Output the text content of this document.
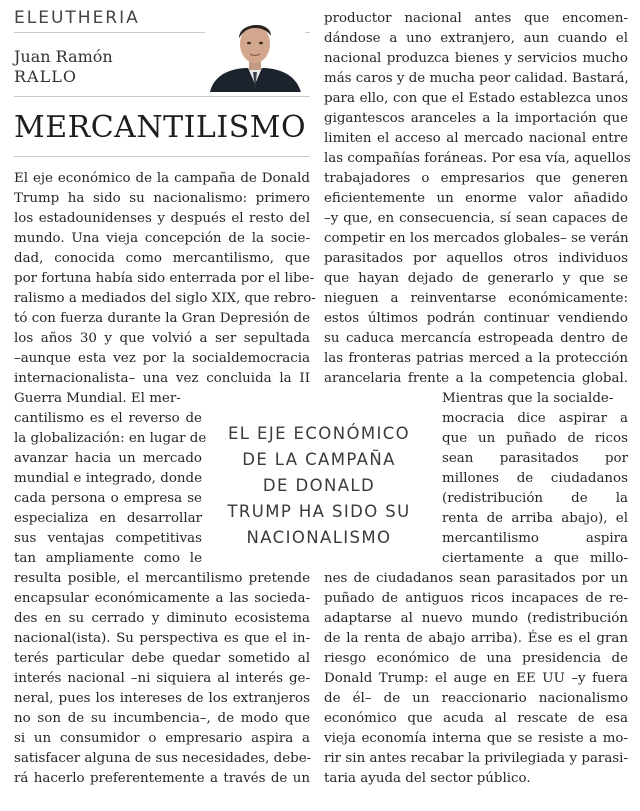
ELEUTHERIA
Juan Ramón
RALLO
MERCANTILISMO
El eje económico de la campaña de Donald
Trump ha sido su nacionalismo: primero
los estadounidenses y después el resto del
mundo. Una vieja concepción de la socie-
dad, conocida como mercantilismo, que
por fortuna había sido enterrada por el libe-
ralismo a mediados del siglo XIX, que rebro-
tó con fuerza durante la Gran Depresión de
los años 30 y que volvió a ser sepultada
–aunque esta vez por la socialdemocracia
internacionalista– una vez concluida la II
Guerra Mundial. El mer-
cantilismo es el reverso de
la globalización: en lugar de
avanzar hacia un mercado
mundial e integrado, donde
cada persona o empresa se
especializa en desarrollar
sus ventajas competitivas
tan ampliamente como le
resulta posible, el mercantilismo pretende
encapsular económicamente a las socieda-
des en su cerrado y diminuto ecosistema
nacional(ista). Su perspectiva es que el in-
terés particular debe quedar sometido al
interés nacional –ni siquiera al interés ge-
neral, pues los intereses de los extranjeros
no son de su incumbencia–, de modo que
si un consumidor o empresario aspira a
satisfacer alguna de sus necesidades, debe-
rá hacerlo preferentemente a través de un
productor nacional antes que encomen-
dándose a uno extranjero, aun cuando el
nacional produzca bienes y servicios mucho
más caros y de mucha peor calidad. Bastará,
para ello, con que el Estado establezca unos
gigantescos aranceles a la importación que
limiten el acceso al mercado nacional entre
las compañías foráneas. Por esa vía, aquellos
trabajadores o empresarios que generen
eficientemente un enorme valor añadido
–y que, en consecuencia, sí sean capaces de
competir en los mercados globales– se verán
parasitados por aquellos otros individuos
que hayan dejado de generarlo y que se
nieguen a reinventarse económicamente:
estos últimos podrán continuar vendiendo
su caduca mercancía estropeada dentro de
las fronteras patrias merced a la protección
arancelaria frente a la competencia global.
Mientras que la socialde-
mocracia dice aspirar a
que un puñado de ricos
sean parasitados por
millones de ciudadanos
(redistribución de la
renta de arriba abajo), el
mercantilismo aspira
ciertamente a que millo-
nes de ciudadanos sean parasitados por un
puñado de antiguos ricos incapaces de re-
adaptarse al nuevo mundo (redistribución
de la renta de abajo arriba). Ése es el gran
riesgo económico de una presidencia de
Donald Trump: el auge en EE UU –y fuera
de él– de un reaccionario nacionalismo
económico que acuda al rescate de esa
vieja economía interna que se resiste a mo-
rir sin antes recabar la privilegiada y parasi-
taria ayuda del sector público.
EL EJE ECONÓMICO
DE LA CAMPAÑA
DE DONALD
TRUMP HA SIDO SU
NACIONALISMO
